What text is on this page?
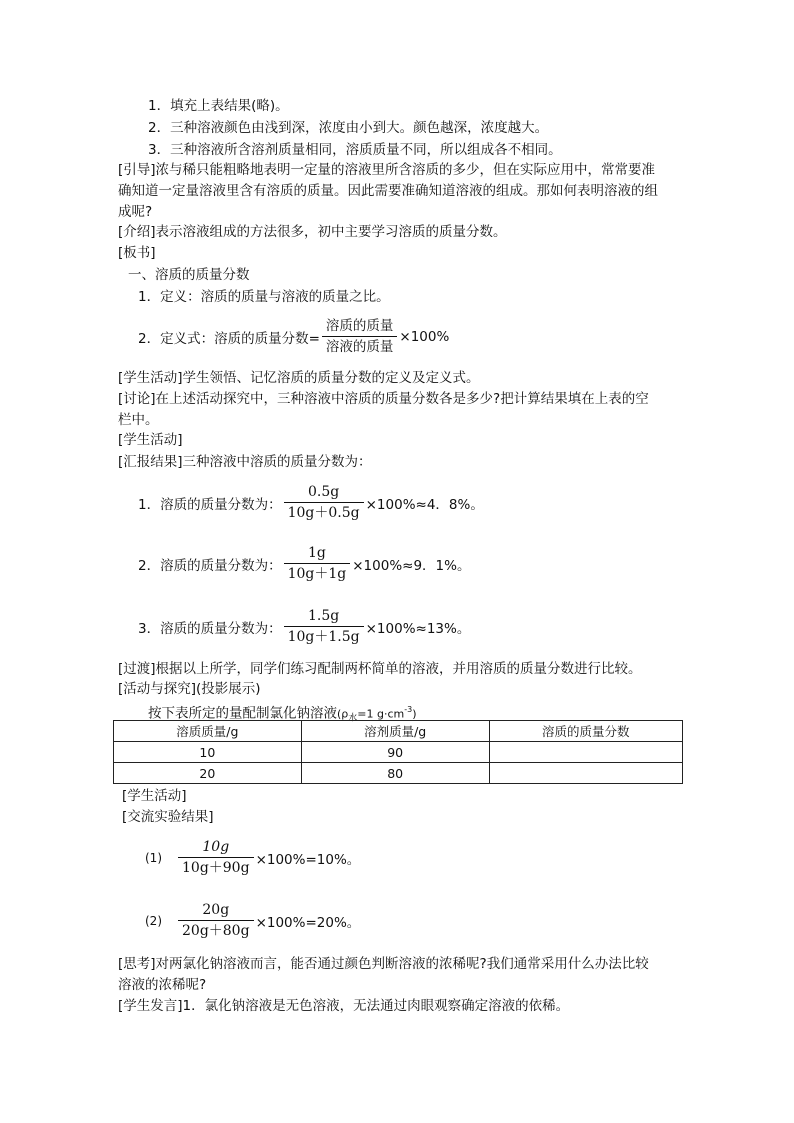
1．填充上表结果(略)。
2．三种溶液颜色由浅到深，浓度由小到大。颜色越深，浓度越大。
3．三种溶液所含溶剂质量相同，溶质质量不同，所以组成各不相同。
[引导]浓与稀只能粗略地表明一定量的溶液里所含溶质的多少，但在实际应用中，常常要准
确知道一定量溶液里含有溶质的质量。因此需要准确知道溶液的组成。那如何表明溶液的组
成呢?
[介绍]表示溶液组成的方法很多，初中主要学习溶质的质量分数。
[板书]
一、溶质的质量分数
1．定义：溶质的质量与溶液的质量之比。
2．定义式：溶质的质量分数= $\frac{\text{溶质的质量}}{\text{溶液的质量}} \times 100\%$
[学生活动]学生领悟、记忆溶质的质量分数的定义及定义式。
[讨论]在上述活动探究中，三种溶液中溶质的质量分数各是多少?把计算结果填在上表的空
栏中。
[学生活动]
[汇报结果]三种溶液中溶质的质量分数为：
1．溶质的质量分数为： $\frac{0.5g}{10g+0.5g} \times 100\%\approx 4$．8%。
2．溶质的质量分数为： $\frac{1g}{10g+1g} \times 100\%\approx 9$．1%。
3．溶质的质量分数为： $\frac{1.5g}{10g+1.5g} \times 100\%\approx 13\%$。
[过渡]根据以上所学，同学们练习配制两杯简单的溶液，并用溶质的质量分数进行比较。
[活动与探究](投影展示)
按下表所定的量配制氯化钠溶液($\rho_水=1$ $g\cdot cm^{-3}$)
溶质质量/g	溶剂质量/g	溶质的质量分数
10	90	
20	80	
[学生活动]
[交流实验结果]
$(1) \frac{10g}{10g+90g} \times 100\%=10\%$。
$(2) \frac{20g}{20g+80g} \times 100\%=20\%$。
[思考]对两氯化钠溶液而言，能否通过颜色判断溶液的浓稀呢?我们通常采用什么办法比较
溶液的浓稀呢?
[学生发言]1．氯化钠溶液是无色溶液，无法通过肉眼观察确定溶液的依稀。
